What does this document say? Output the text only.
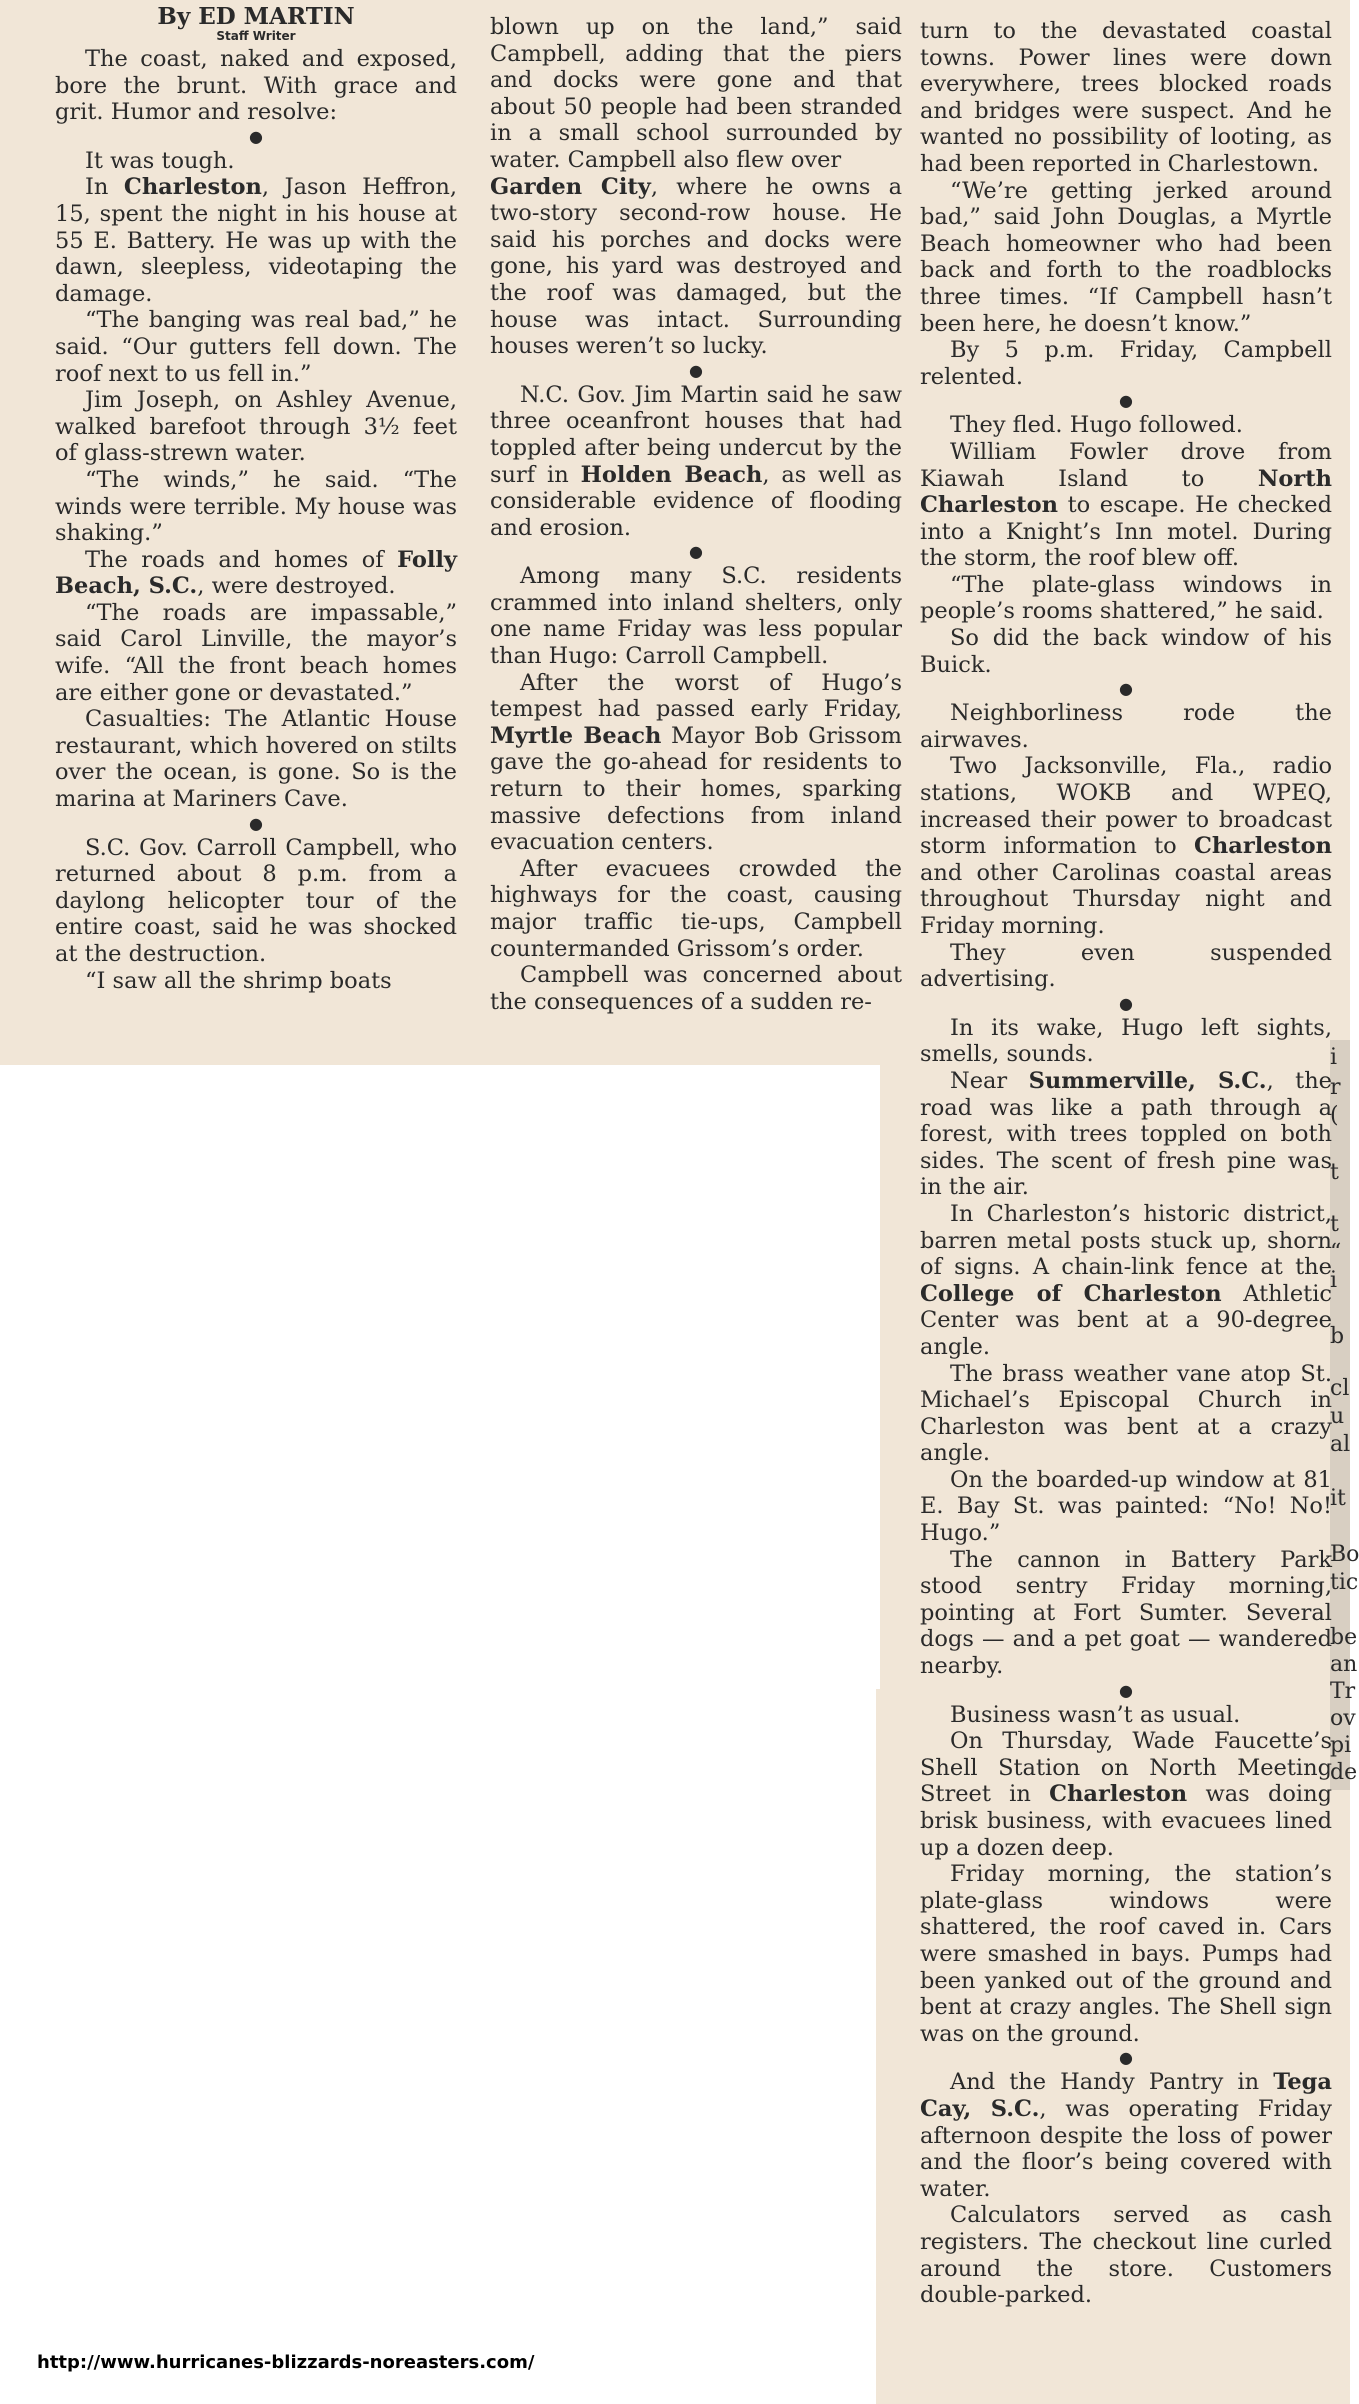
By ED MARTIN
Staff Writer

The coast, naked and exposed, bore the brunt. With grace and grit. Humor and resolve:

●

It was tough.

In Charleston, Jason Heffron, 15, spent the night in his house at 55 E. Battery. He was up with the dawn, sleepless, videotaping the damage.

“The banging was real bad,” he said. “Our gutters fell down. The roof next to us fell in.”

Jim Joseph, on Ashley Avenue, walked barefoot through 3½ feet of glass-strewn water.

“The winds,” he said. “The winds were terrible. My house was shaking.”

The roads and homes of Folly Beach, S.C., were destroyed.

“The roads are impassable,” said Carol Linville, the mayor’s wife. “All the front beach homes are either gone or devastated.”

Casualties: The Atlantic House restaurant, which hovered on stilts over the ocean, is gone. So is the marina at Mariners Cave.

●

S.C. Gov. Carroll Campbell, who returned about 8 p.m. from a daylong helicopter tour of the entire coast, said he was shocked at the destruction.

“I saw all the shrimp boats

blown up on the land,” said Campbell, adding that the piers and docks were gone and that about 50 people had been stranded in a small school surrounded by water. Campbell also flew over

Garden City, where he owns a two-story second-row house. He said his porches and docks were gone, his yard was destroyed and the roof was damaged, but the house was intact. Surrounding houses weren’t so lucky.

●

N.C. Gov. Jim Martin said he saw three oceanfront houses that had toppled after being undercut by the surf in Holden Beach, as well as considerable evidence of flooding and erosion.

●

Among many S.C. residents crammed into inland shelters, only one name Friday was less popular than Hugo: Carroll Campbell.

After the worst of Hugo’s tempest had passed early Friday, Myrtle Beach Mayor Bob Grissom gave the go-ahead for residents to return to their homes, sparking massive defections from inland evacuation centers.

After evacuees crowded the highways for the coast, causing major traffic tie-ups, Campbell countermanded Grissom’s order.

Campbell was concerned about the consequences of a sudden re-

turn to the devastated coastal towns. Power lines were down everywhere, trees blocked roads and bridges were suspect. And he wanted no possibility of looting, as had been reported in Charlestown.

“We’re getting jerked around bad,” said John Douglas, a Myrtle Beach homeowner who had been back and forth to the roadblocks three times. “If Campbell hasn’t been here, he doesn’t know.”

By 5 p.m. Friday, Campbell relented.

●

They fled. Hugo followed.

William Fowler drove from Kiawah Island to North Charleston to escape. He checked into a Knight’s Inn motel. During the storm, the roof blew off.

“The plate-glass windows in people’s rooms shattered,” he said.

So did the back window of his Buick.

●

Neighborliness rode the airwaves.

Two Jacksonville, Fla., radio stations, WOKB and WPEQ, increased their power to broadcast storm information to Charleston and other Carolinas coastal areas throughout Thursday night and Friday morning.

They even suspended advertising.

●

In its wake, Hugo left sights, smells, sounds.

Near Summerville, S.C., the road was like a path through a forest, with trees toppled on both sides. The scent of fresh pine was in the air.

In Charleston’s historic district, barren metal posts stuck up, shorn of signs. A chain-link fence at the College of Charleston Athletic Center was bent at a 90-degree angle.

The brass weather vane atop St. Michael’s Episcopal Church in Charleston was bent at a crazy angle.

On the boarded-up window at 81 E. Bay St. was painted: “No! No! Hugo.”

The cannon in Battery Park stood sentry Friday morning, pointing at Fort Sumter. Several dogs — and a pet goat — wandered nearby.

●

Business wasn’t as usual.

On Thursday, Wade Faucette’s Shell Station on North Meeting Street in Charleston was doing brisk business, with evacuees lined up a dozen deep.

Friday morning, the station’s plate-glass windows were shattered, the roof caved in. Cars were smashed in bays. Pumps had been yanked out of the ground and bent at crazy angles. The Shell sign was on the ground.

●

And the Handy Pantry in Tega Cay, S.C., was operating Friday afternoon despite the loss of power and the floor’s being covered with water.

Calculators served as cash registers. The checkout line curled around the store. Customers double-parked.

i
r
(
t
t
“
i
b
cl
u
al
it
Bo
tic
be
an
Tr
ov
pi
de
http://www.hurricanes-blizzards-noreasters.com/
